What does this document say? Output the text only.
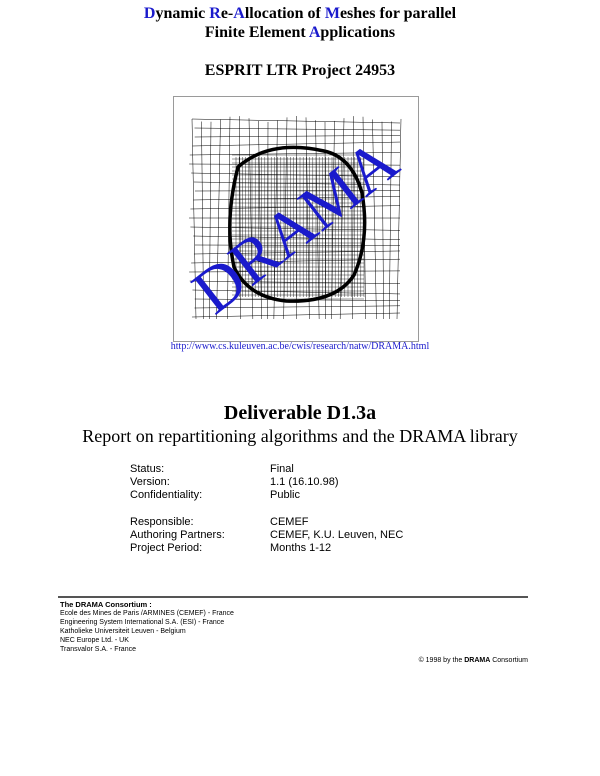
Dynamic Re-Allocation of Meshes for parallel
Finite Element Applications
ESPRIT LTR Project 24953
DRAMA
http://www.cs.kuleuven.ac.be/cwis/research/natw/DRAMA.html
Deliverable D1.3a
Report on repartitioning algorithms and the DRAMA library
Status:	Final
Version:	1.1 (16.10.98)
Confidentiality:	Public
Responsible:	CEMEF
Authoring Partners:	CEMEF, K.U. Leuven, NEC
Project Period:	Months 1-12
The DRAMA Consortium :
Ecole des Mines de Paris /ARMINES (CEMEF) - France
Engineering System International S.A. (ESI) - France
Katholieke Universiteit Leuven - Belgium
NEC Europe Ltd. - UK
Transvalor S.A. - France
© 1998 by the DRAMA Consortium
